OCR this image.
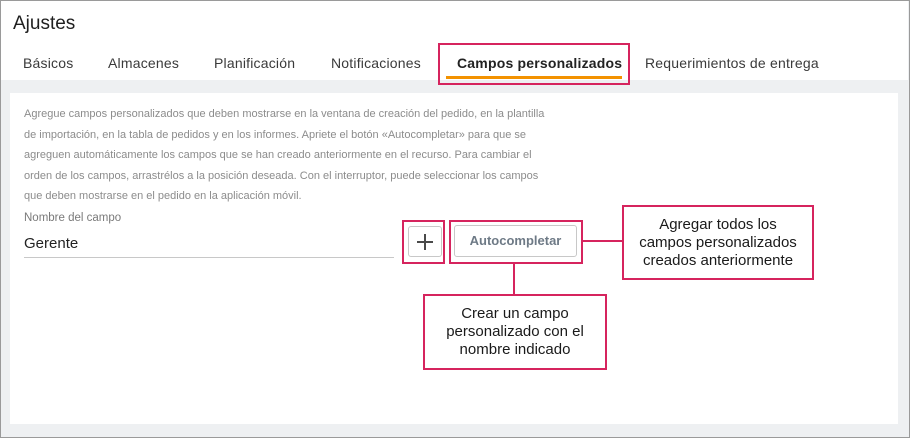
Ajustes
Básicos Almacenes Planificación	Notificaciones	Campos personalizados Requerimientos de entrega
Agregue campos personalizados que deben mostrarse en la ventana de creación del pedido, en la plantilla
de importación, en la tabla de pedidos y en los informes. Apriete el botón «Autocompletar» para que se
agreguen automáticamente los campos que se han creado anteriormente en el recurso. Para cambiar el
orden de los campos, arrastrélos a la posición deseada. Con el interruptor, puede seleccionar los campos
que deben mostrarse en el pedido en la aplicación móvil.
Nombre del campo
Gerente
Autocompletar
Agregar todos los
campos personalizados
creados anteriormente
Crear un campo
personalizado con el
nombre indicado
